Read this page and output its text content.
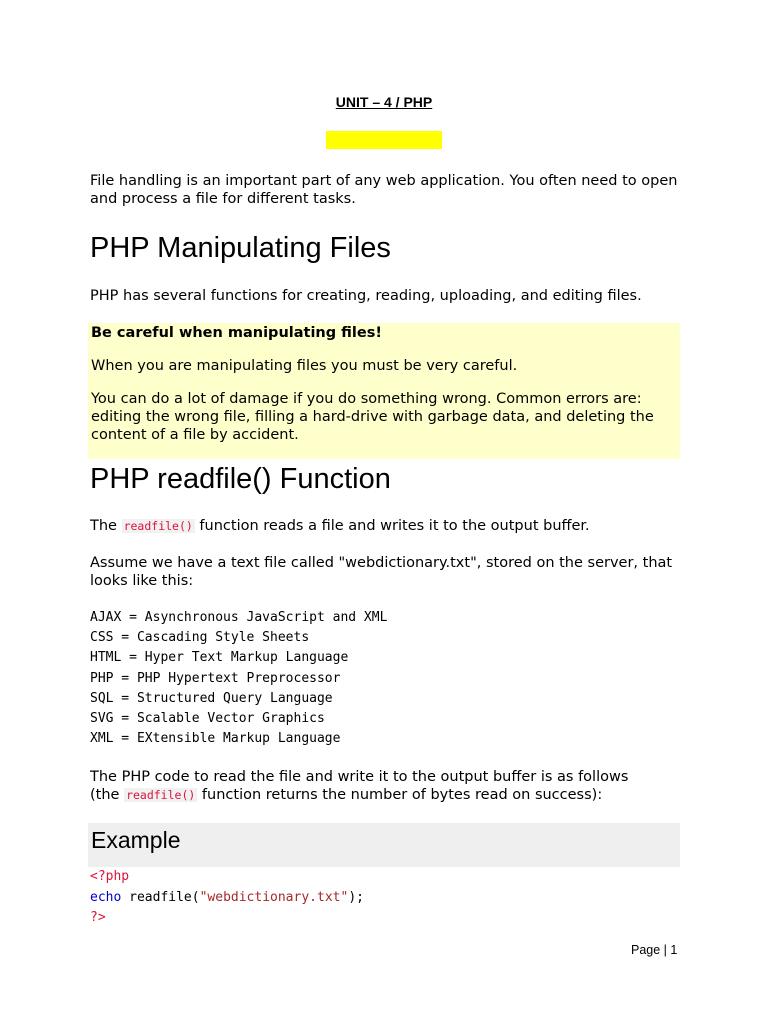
UNIT – 4 / PHP
File handling is an important part of any web application. You often need to open and process a file for different tasks.
PHP Manipulating Files
PHP has several functions for creating, reading, uploading, and editing files.
Be careful when manipulating files!
When you are manipulating files you must be very careful.
You can do a lot of damage if you do something wrong. Common errors are: editing the wrong file, filling a hard-drive with garbage data, and deleting the content of a file by accident.
PHP readfile() Function
The readfile() function reads a file and writes it to the output buffer.
Assume we have a text file called "webdictionary.txt", stored on the server, that looks like this:
AJAX = Asynchronous JavaScript and XML
CSS = Cascading Style Sheets
HTML = Hyper Text Markup Language
PHP = PHP Hypertext Preprocessor
SQL = Structured Query Language
SVG = Scalable Vector Graphics
XML = EXtensible Markup Language
The PHP code to read the file and write it to the output buffer is as follows
(the readfile() function returns the number of bytes read on success):
Example
<?php
echo readfile("webdictionary.txt");
?>
Page | 1
